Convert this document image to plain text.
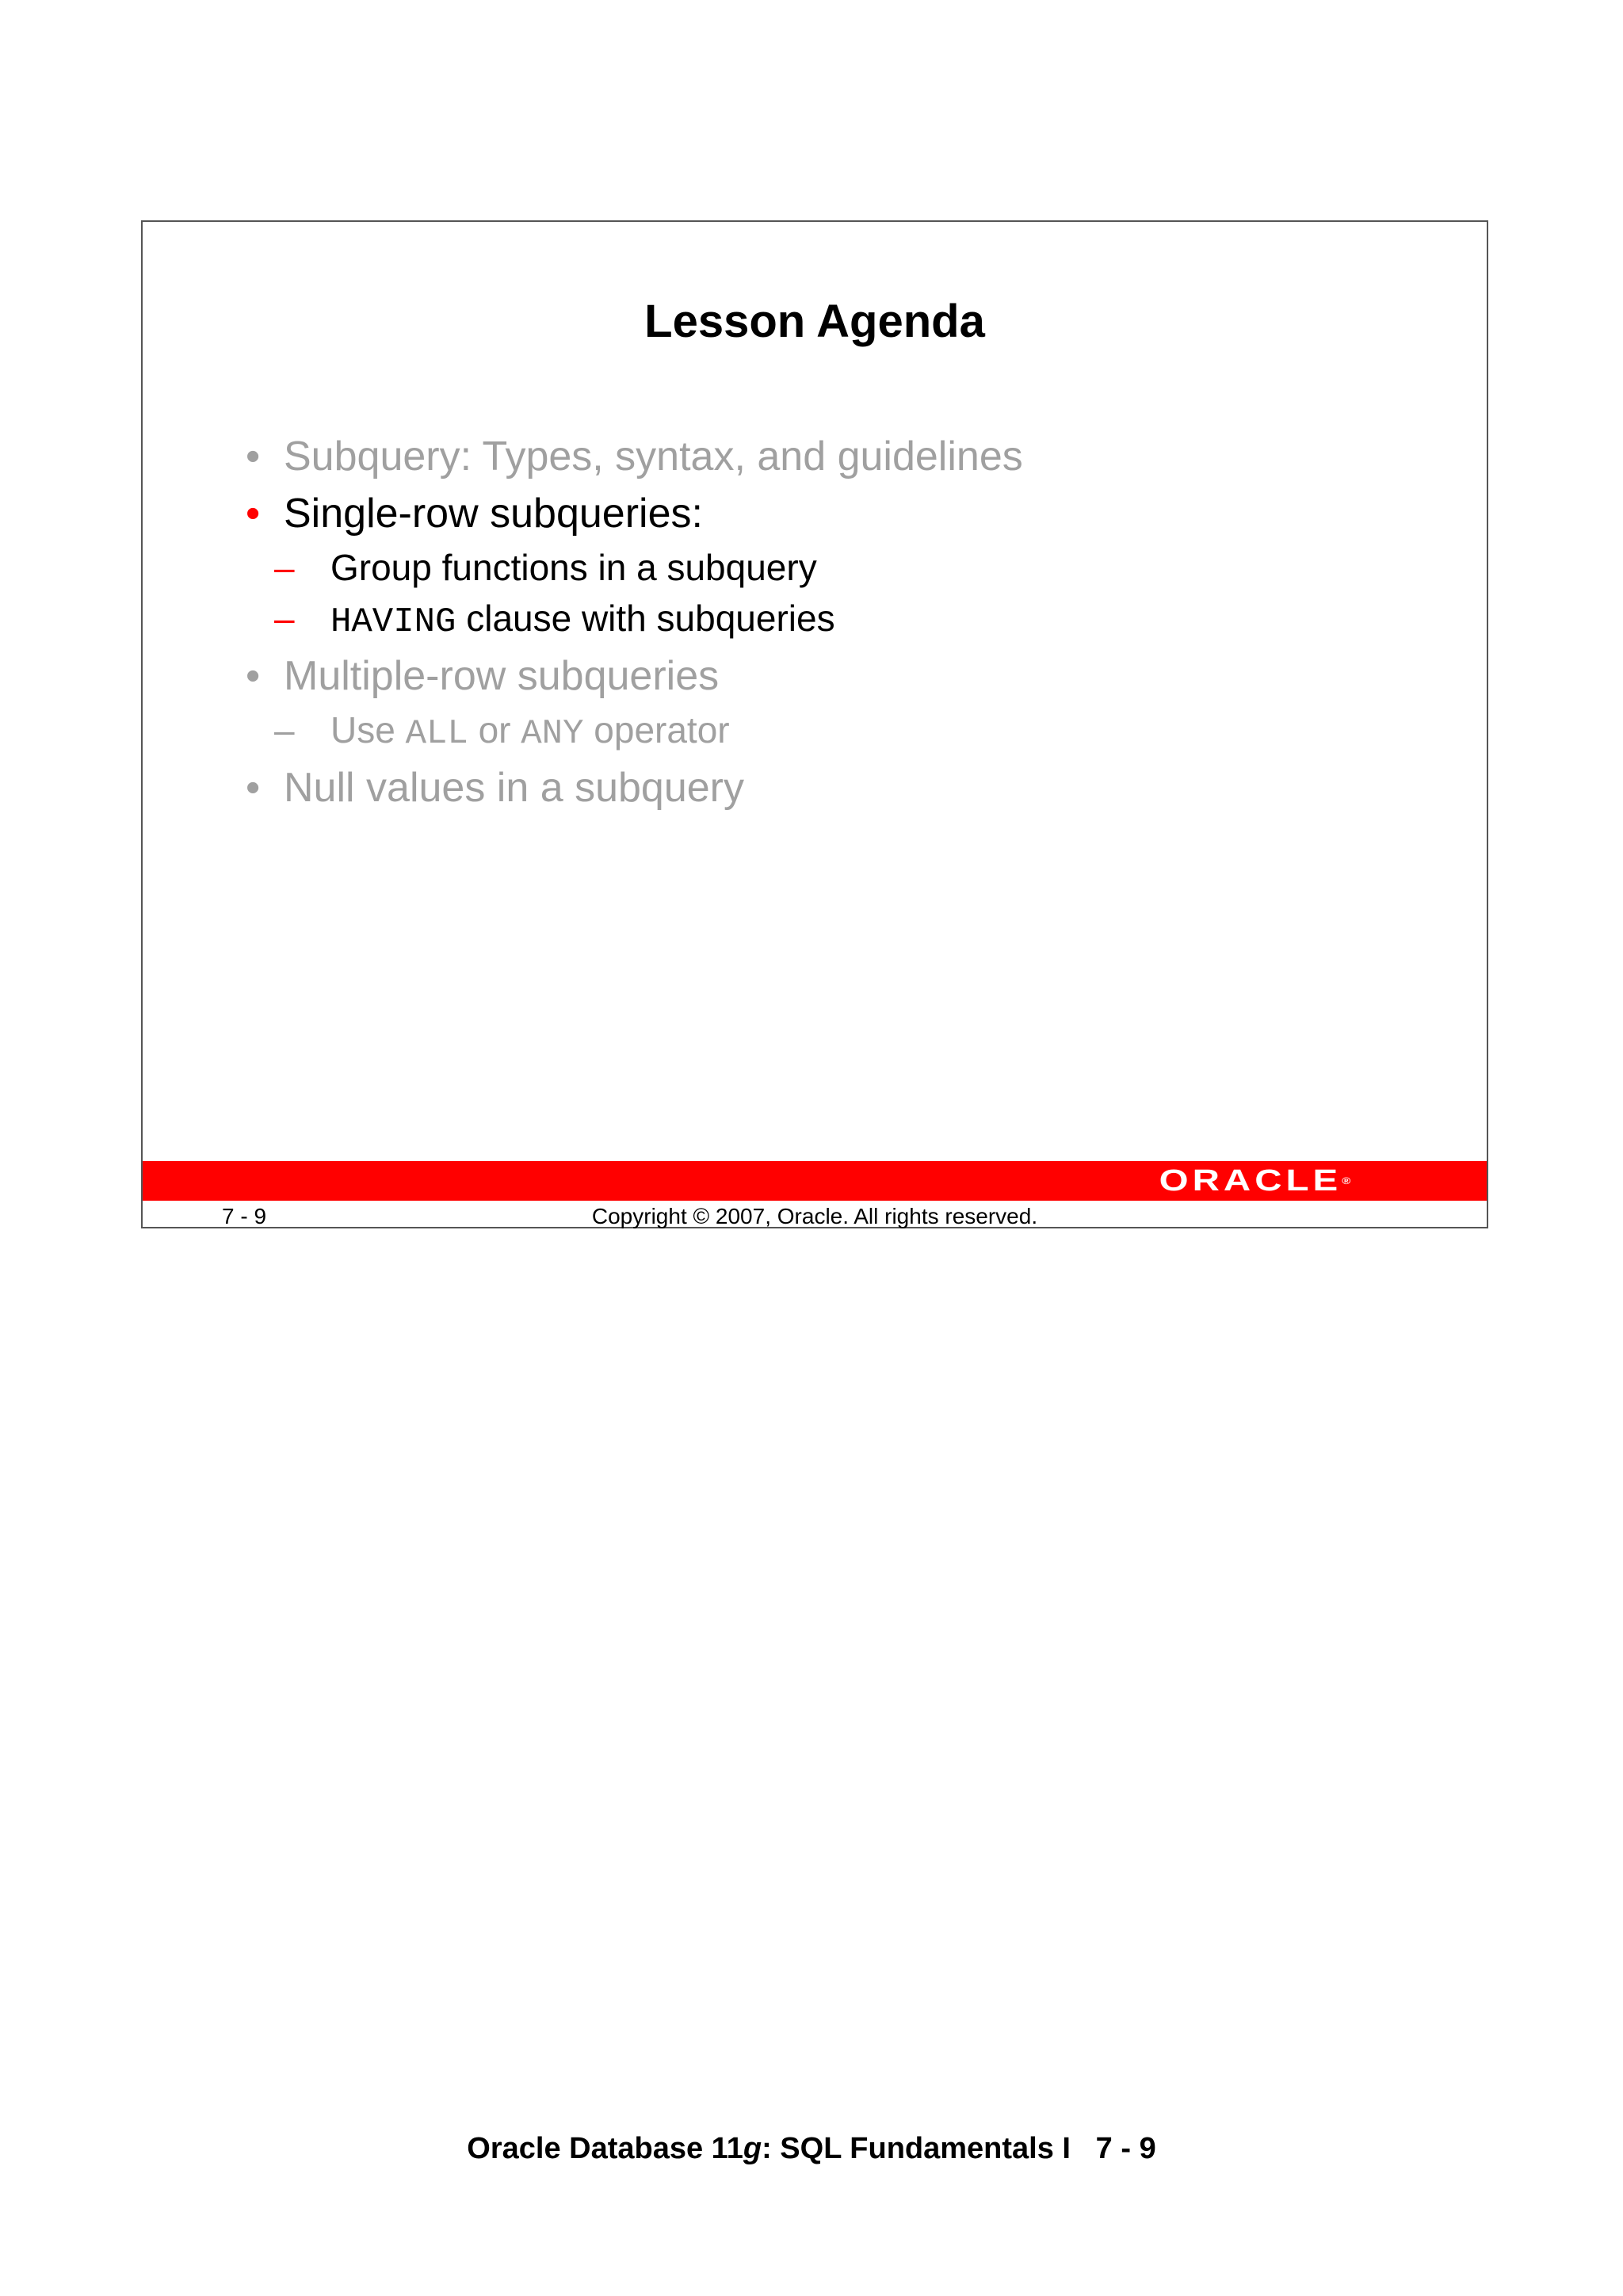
Lesson Agenda
• Subquery: Types, syntax, and guidelines
• Single-row subqueries:
– Group functions in a subquery
– HAVING clause with subqueries
• Multiple-row subqueries
– Use ALL or ANY operator
• Null values in a subquery
ORACLE®
7 - 9	Copyright © 2007, Oracle. All rights reserved.
Oracle Database 11g: SQL Fundamentals I   7 - 9
